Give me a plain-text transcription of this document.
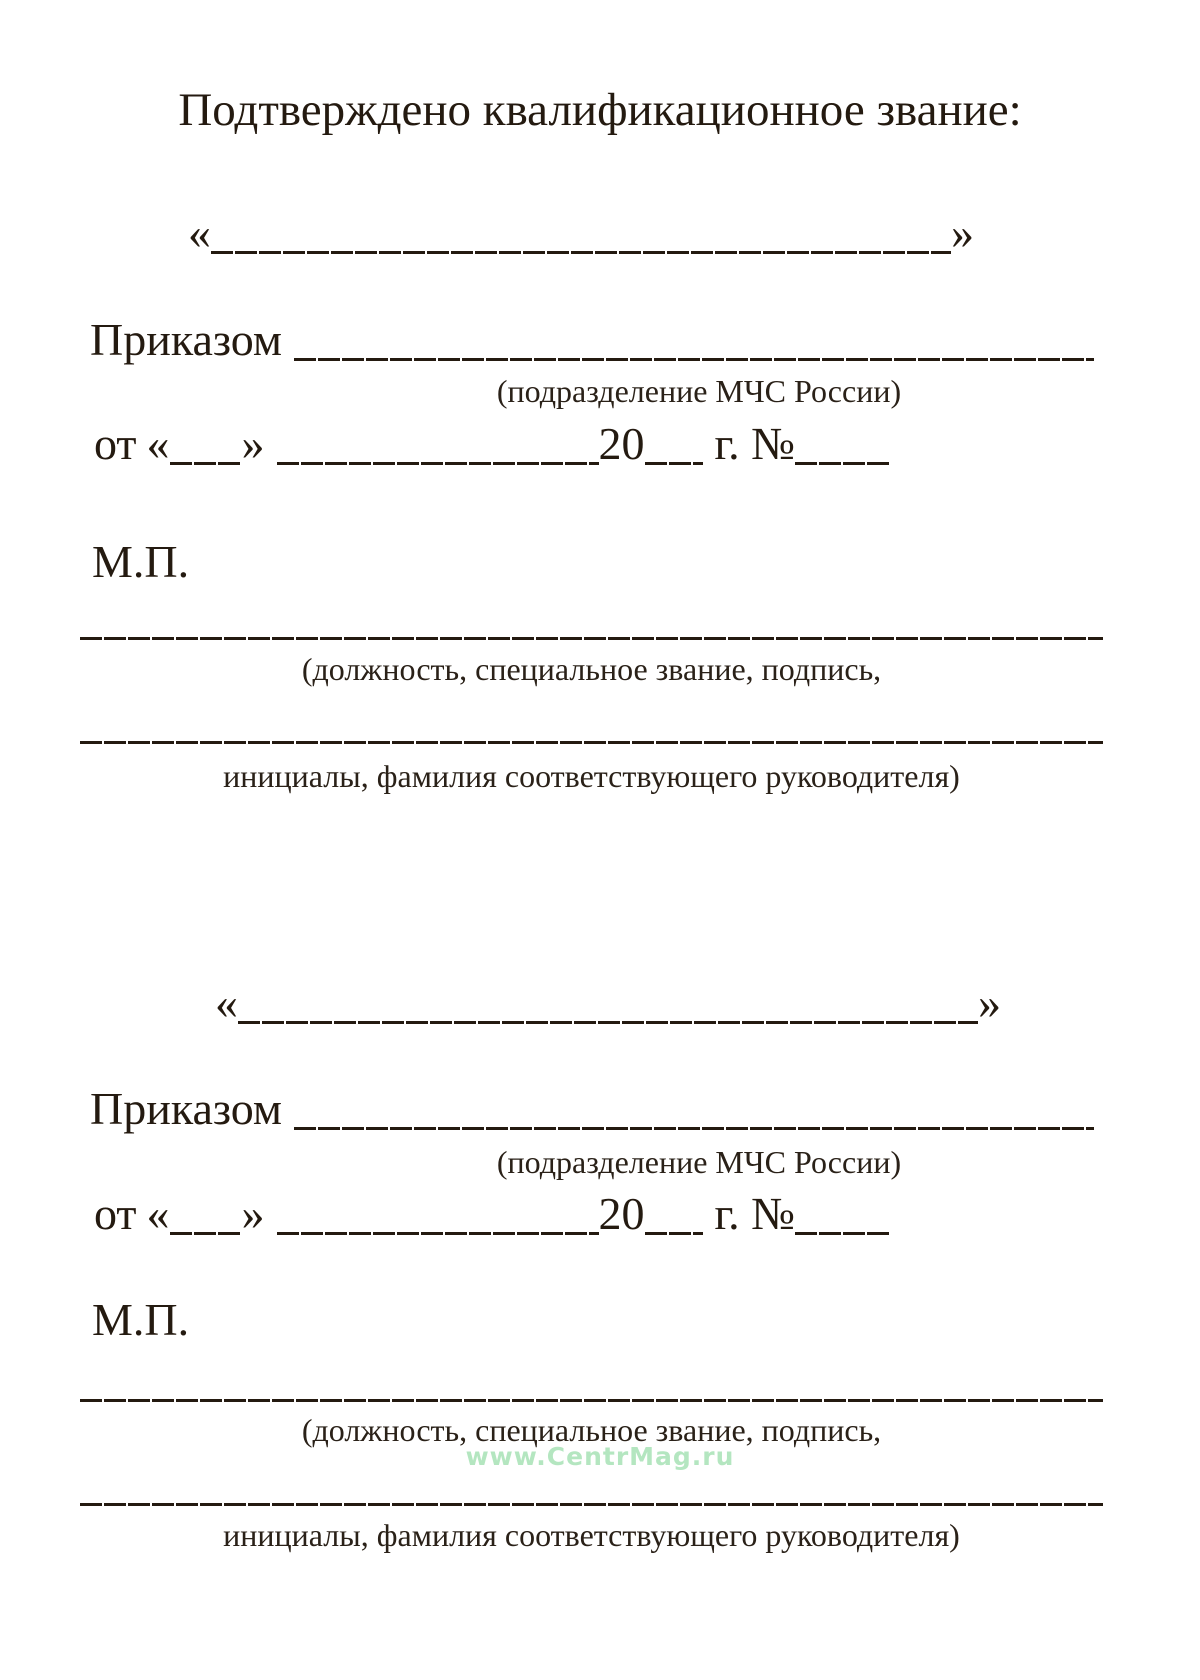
Подтверждено квалификационное звание:
«	»
Приказом
(подразделение МЧС России)
от « »	20 г. №
М.П.
(должность, специальное звание, подпись,
инициалы, фамилия соответствующего руководителя)
«	»
Приказом
(подразделение МЧС России)
от « »	20 г. №
М.П.
(должность, специальное звание, подпись,
www.CentrMag.ru
инициалы, фамилия соответствующего руководителя)
